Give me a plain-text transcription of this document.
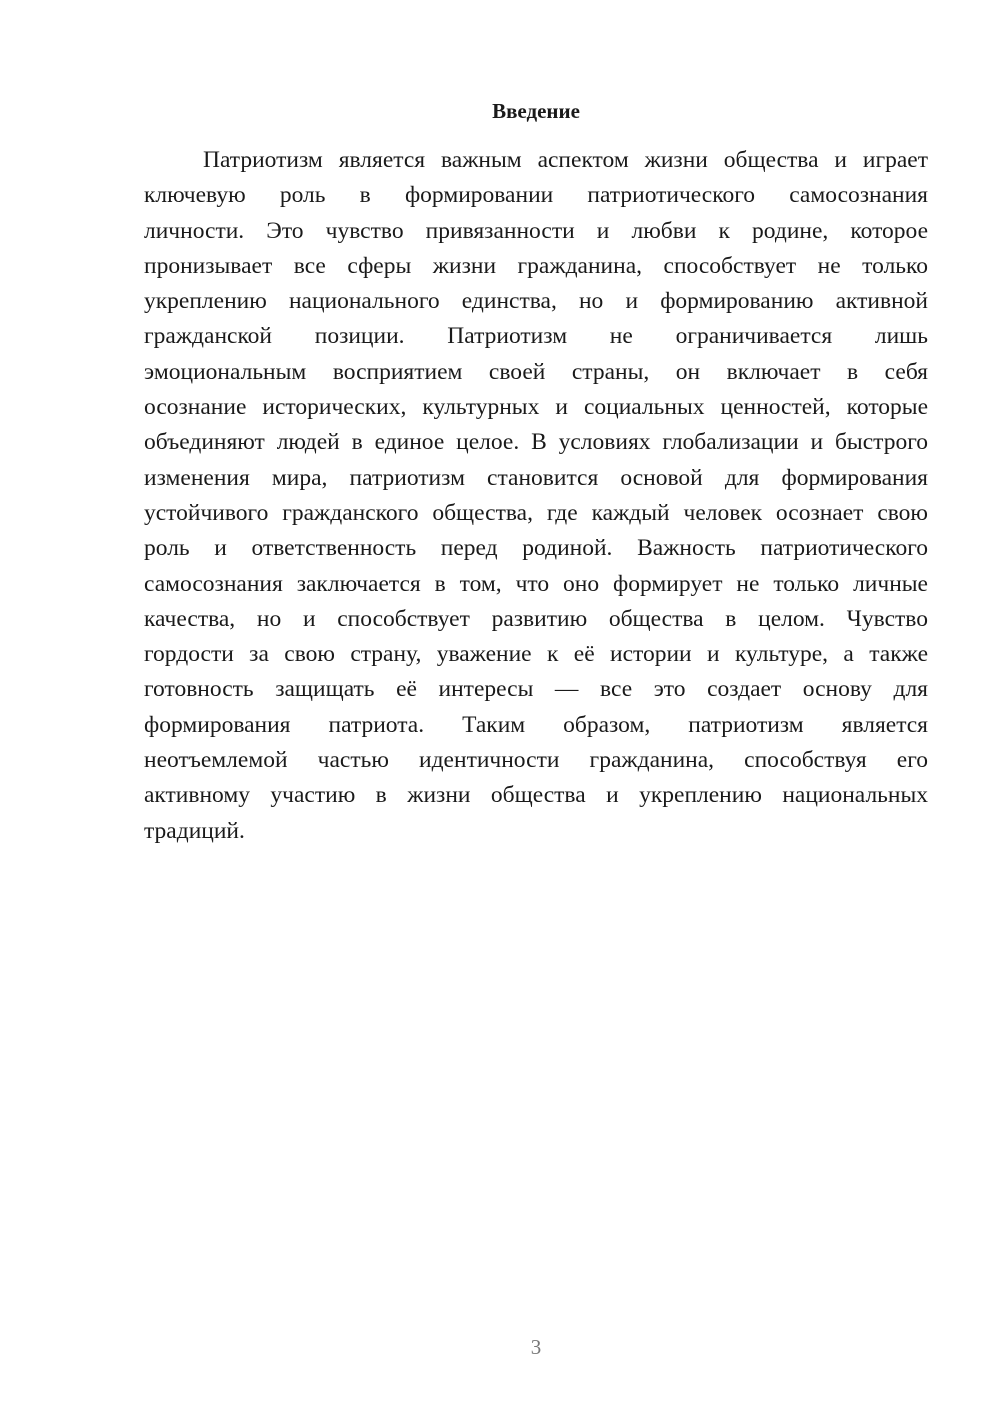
Введение
Патриотизм является важным аспектом жизни общества и играет
ключевую роль в формировании патриотического самосознания
личности. Это чувство привязанности и любви к родине, которое
пронизывает все сферы жизни гражданина, способствует не только
укреплению национального единства, но и формированию активной
гражданской позиции. Патриотизм не ограничивается лишь
эмоциональным восприятием своей страны, он включает в себя
осознание исторических, культурных и социальных ценностей, которые
объединяют людей в единое целое. В условиях глобализации и быстрого
изменения мира, патриотизм становится основой для формирования
устойчивого гражданского общества, где каждый человек осознает свою
роль и ответственность перед родиной. Важность патриотического
самосознания заключается в том, что оно формирует не только личные
качества, но и способствует развитию общества в целом. Чувство
гордости за свою страну, уважение к её истории и культуре, а также
готовность защищать её интересы — все это создает основу для
формирования патриота. Таким образом, патриотизм является
неотъемлемой частью идентичности гражданина, способствуя его
активному участию в жизни общества и укреплению национальных
традиций.
3
